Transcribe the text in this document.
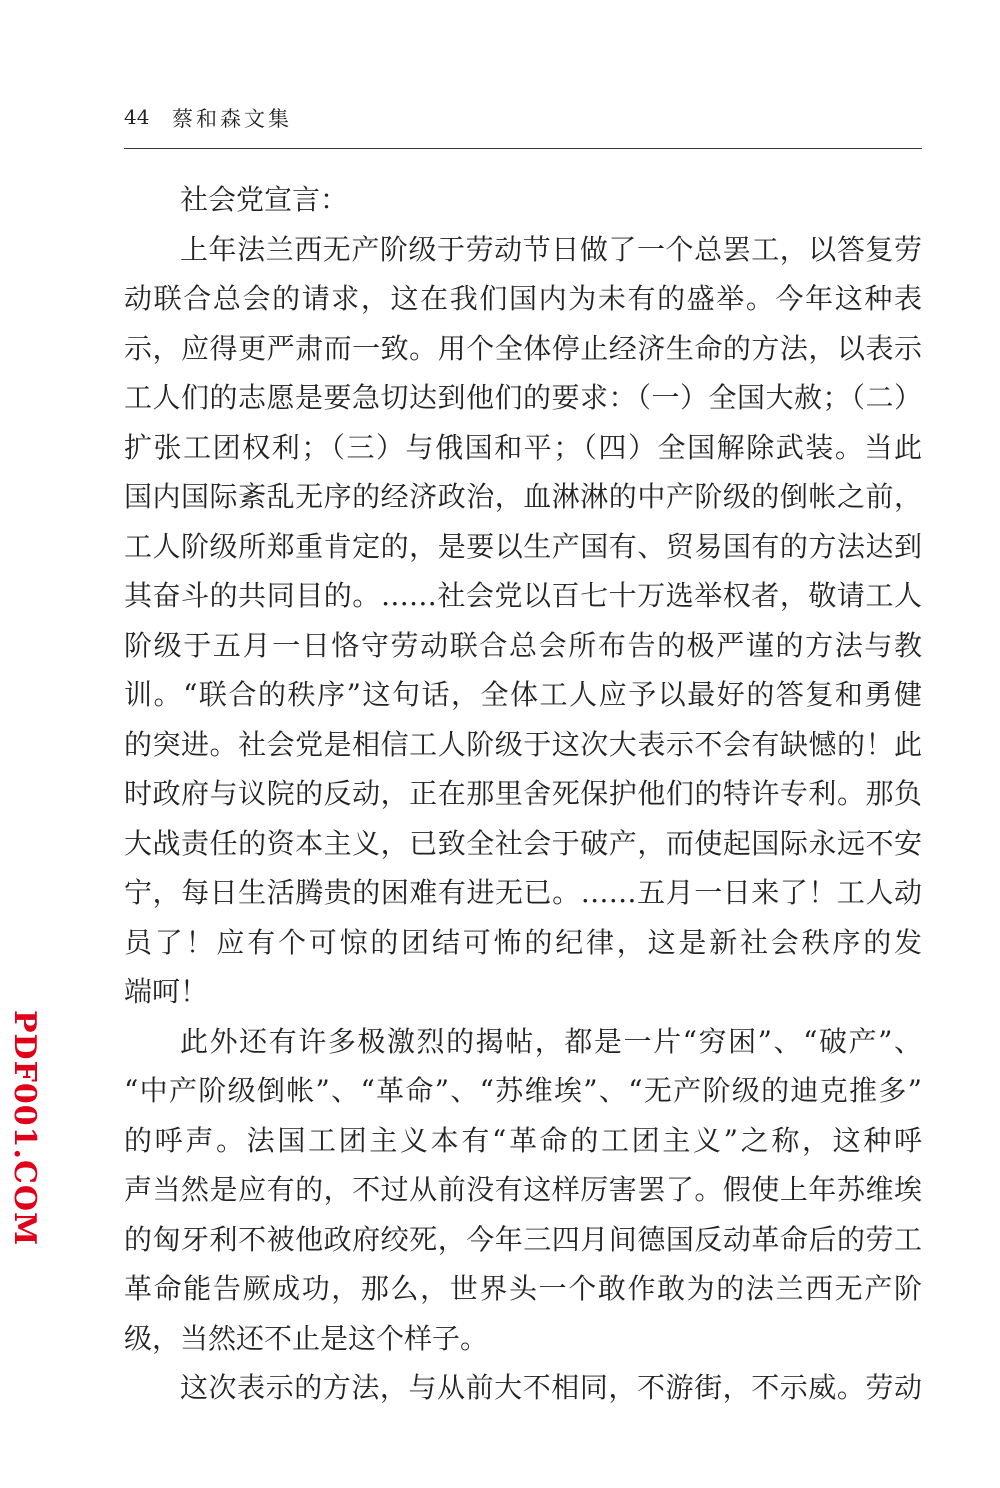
44 蔡和森文集
社会党宣言：
上年法兰西无产阶级于劳动节日做了一个总罢工，以答复劳
动联合总会的请求，这在我们国内为未有的盛举。今年这种表
示，应得更严肃而一致。用个全体停止经济生命的方法，以表示
工人们的志愿是要急切达到他们的要求：（一）全国大赦；（二）
扩张工团权利；（三）与俄国和平；（四）全国解除武装。当此
国内国际紊乱无序的经济政治，血淋淋的中产阶级的倒帐之前，
工人阶级所郑重肯定的，是要以生产国有、贸易国有的方法达到
其奋斗的共同目的。……社会党以百七十万选举权者，敬请工人
阶级于五月一日恪守劳动联合总会所布告的极严谨的方法与教
训。“联合的秩序”这句话，全体工人应予以最好的答复和勇健
的突进。社会党是相信工人阶级于这次大表示不会有缺憾的！此
时政府与议院的反动，正在那里舍死保护他们的特许专利。那负
大战责任的资本主义，已致全社会于破产，而使起国际永远不安
宁，每日生活腾贵的困难有进无已。……五月一日来了！工人动
员了！应有个可惊的团结可怖的纪律，这是新社会秩序的发
端呵！
此外还有许多极激烈的揭帖，都是一片“穷困”、“破产”、
“中产阶级倒帐”、“革命”、“苏维埃”、“无产阶级的迪克推多”
的呼声。法国工团主义本有“革命的工团主义”之称，这种呼
声当然是应有的，不过从前没有这样厉害罢了。假使上年苏维埃
的匈牙利不被他政府绞死，今年三四月间德国反动革命后的劳工
革命能告厥成功，那么，世界头一个敢作敢为的法兰西无产阶
级，当然还不止是这个样子。
这次表示的方法，与从前大不相同，不游街，不示威。劳动
PDF001.COM
